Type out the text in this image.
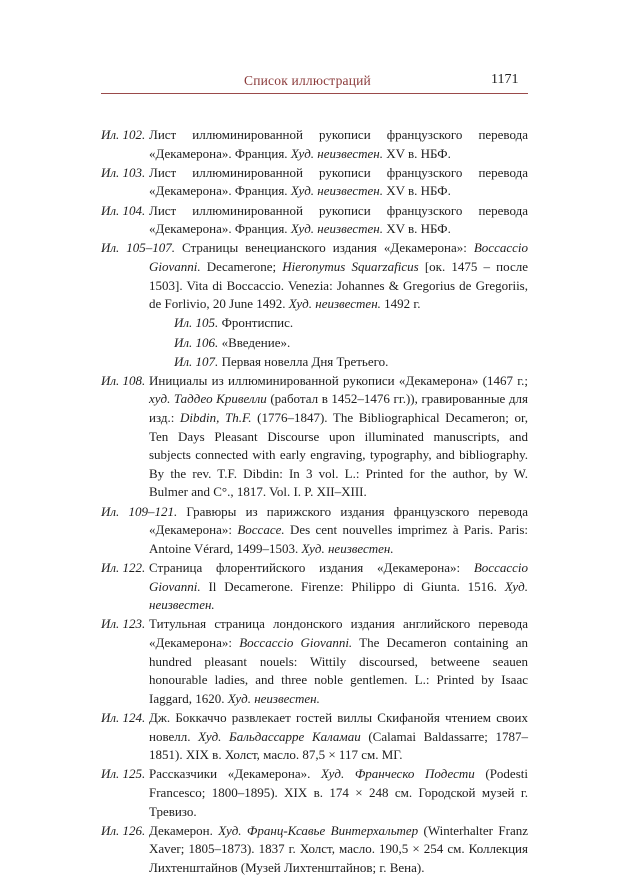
Список иллюстраций	1171

Ил. 102. Лист иллюминированной рукописи французского перевода «Декамерона». Франция. Худ. неизвестен. XV в. НБФ.

Ил. 103. Лист иллюминированной рукописи французского перевода «Декамерона». Франция. Худ. неизвестен. XV в. НБФ.

Ил. 104. Лист иллюминированной рукописи французского перевода «Декамерона». Франция. Худ. неизвестен. XV в. НБФ.

Ил. 105–107. Страницы венецианского издания «Декамерона»: Boccaccio Giovanni. Decamerone; Hieronymus Squarzaficus [ок. 1475 – после 1503]. Vita di Boccaccio. Venezia: Johannes & Gregorius de Gregoriis, de Forlivio, 20 June 1492. Худ. неизвестен. 1492 г.

Ил. 105. Фронтиспис.

Ил. 106. «Введение».

Ил. 107. Первая новелла Дня Третьего.

Ил. 108. Инициалы из иллюминированной рукописи «Декамерона» (1467 г.; худ. Таддео Кривелли (работал в 1452–1476 гг.)), гравированные для изд.: Dibdin, Th.F. (1776–1847). The Bibliographical Decameron; or, Ten Days Pleasant Discourse upon illuminated manuscripts, and subjects connected with early engraving, typography, and bibliography. By the rev. T.F. Dibdin: In 3 vol. L.: Printed for the author, by W. Bulmer and C°., 1817. Vol. I. P. XII–XIII.

Ил. 109–121. Гравюры из парижского издания французского перевода «Декамерона»: Boccace. Des cent nouvelles imprimez à Paris. Paris: Antoine Vérard, 1499–1503. Худ. неизвестен.

Ил. 122. Страница флорентийского издания «Декамерона»: Boccaccio Giovanni. Il Decamerone. Firenze: Philippo di Giunta. 1516. Худ. неизвестен.

Ил. 123. Титульная страница лондонского издания английского перевода «Декамерона»: Boccaccio Giovanni. The Decameron containing an hundred pleasant nouels: Wittily discoursed, betweene seauen honourable ladies, and three noble gentlemen. L.: Printed by Isaac Iaggard, 1620. Худ. неизвестен.

Ил. 124. Дж. Боккаччо развлекает гостей виллы Скифанойя чтением своих новелл. Худ. Бальдассарре Каламаи (Calamai Baldassarre; 1787–1851). XIX в. Холст, масло. 87,5 × 117 см. МГ.

Ил. 125. Рассказчики «Декамерона». Худ. Франческо Подести (Podesti Francesco; 1800–1895). XIX в. 174 × 248 см. Городской музей г. Тревизо.

Ил. 126. Декамерон. Худ. Франц-Ксавье Винтерхальтер (Winterhalter Franz Xaver; 1805–1873). 1837 г. Холст, масло. 190,5 × 254 см. Коллекция Лихтенштайнов (Музей Лихтенштайнов; г. Вена).
